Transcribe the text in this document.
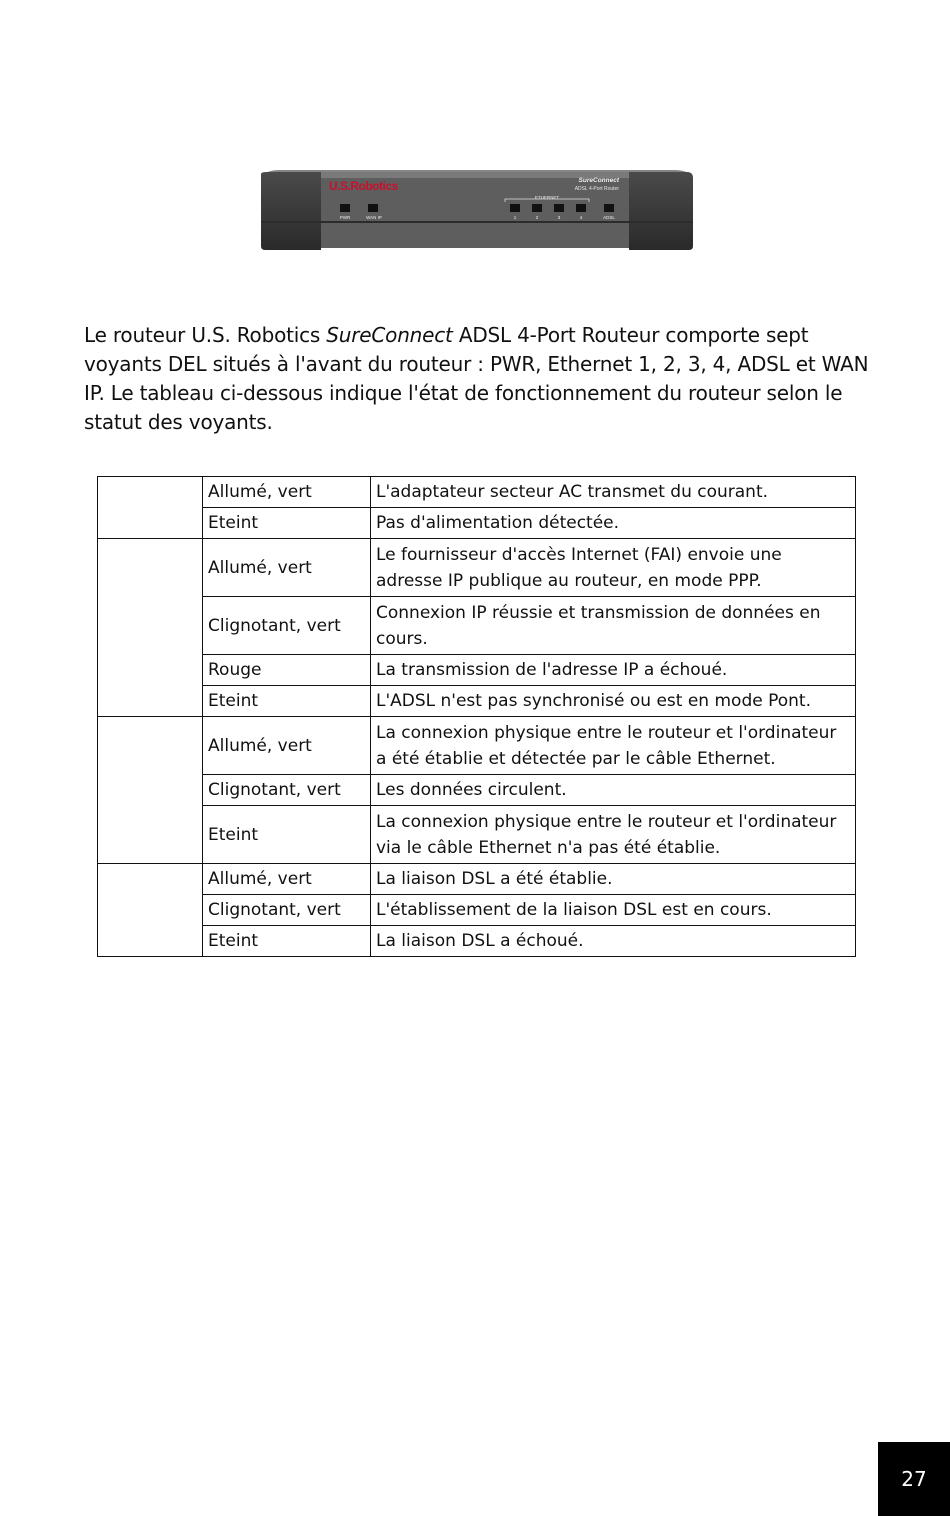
ETHERNET
PWR	WAN IP	1	2	3	4	ADSL
U.S.Robotics	SureConnect
ADSL 4-Port Router

Le routeur U.S. Robotics SureConnect ADSL 4-Port Routeur comporte sept voyants DEL situés à l'avant du routeur : PWR, Ethernet 1, 2, 3, 4, ADSL et WAN IP. Le tableau ci-dessous indique l'état de fonctionnement du routeur selon le statut des voyants.

	Allumé, vert	L'adaptateur secteur AC transmet du courant.
	Eteint	Pas d'alimentation détectée.
	Allumé, vert	Le fournisseur d'accès Internet (FAI) envoie une adresse IP publique au routeur, en mode PPP.
	Clignotant, vert	Connexion IP réussie et transmission de données en cours.
	Rouge	La transmission de l'adresse IP a échoué.
	Eteint	L'ADSL n'est pas synchronisé ou est en mode Pont.
	Allumé, vert	La connexion physique entre le routeur et l'ordinateur a été établie et détectée par le câble Ethernet.
	Clignotant, vert	Les données circulent.
	Eteint	La connexion physique entre le routeur et l'ordinateur via le câble Ethernet n'a pas été établie.
	Allumé, vert	La liaison DSL a été établie.
	Clignotant, vert	L'établissement de la liaison DSL est en cours.
	Eteint	La liaison DSL a échoué.
27
